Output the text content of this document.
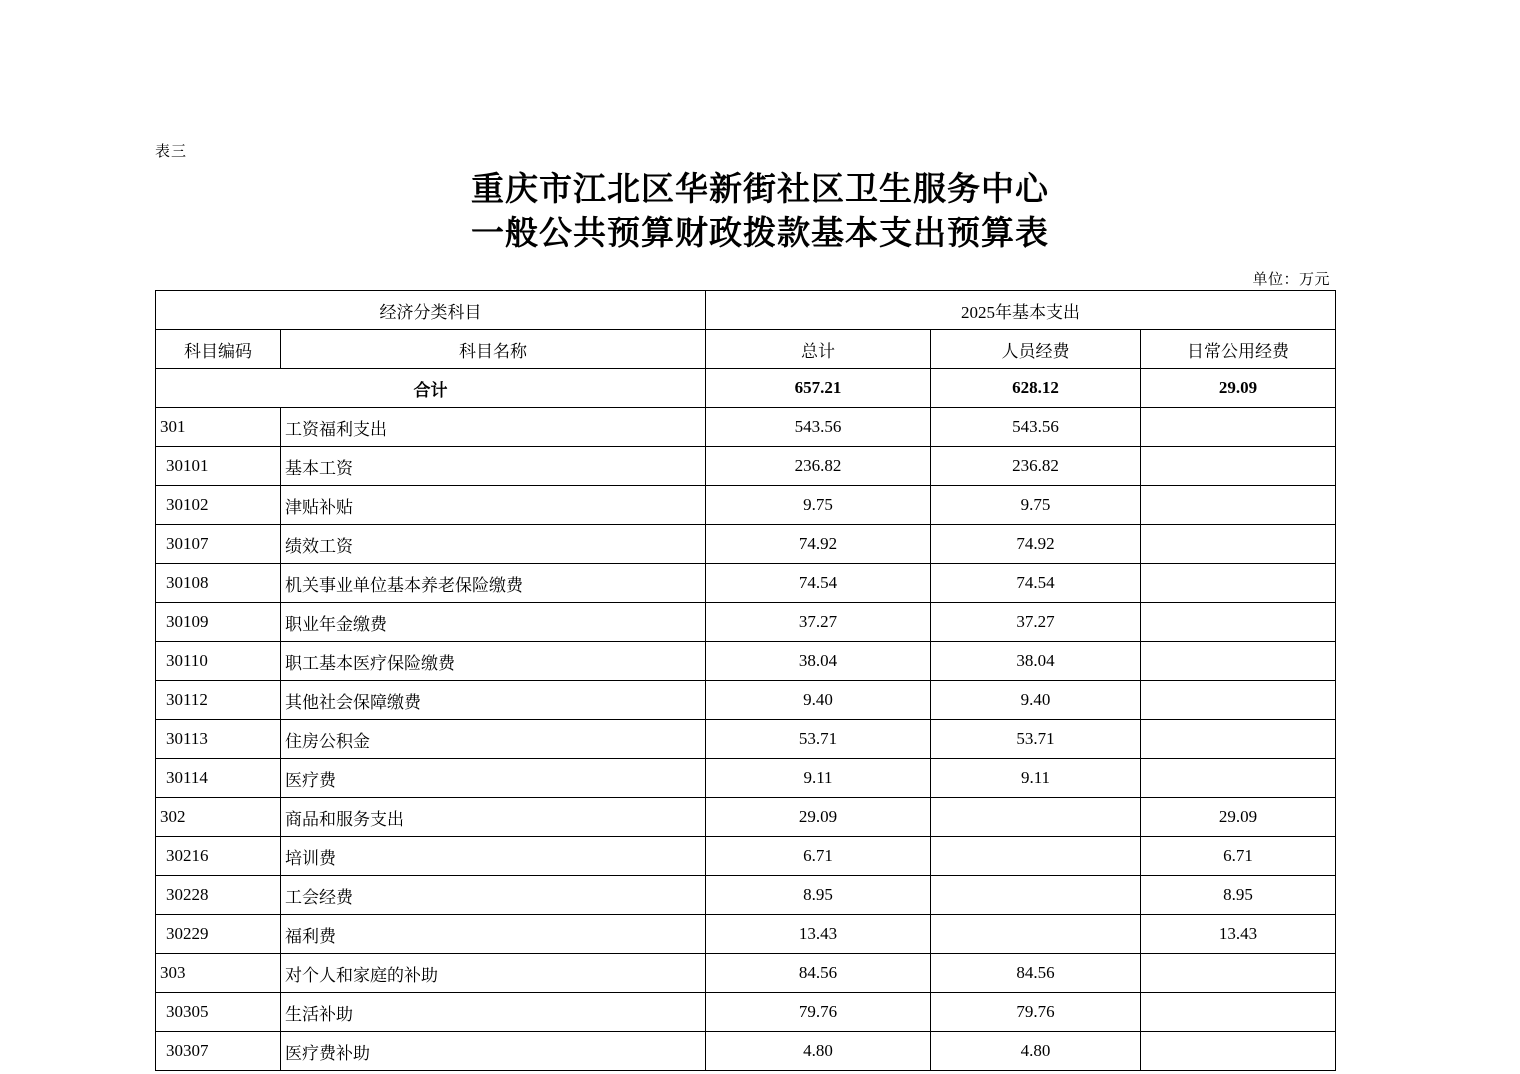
表三
重庆市江北区华新街社区卫生服务中心
一般公共预算财政拨款基本支出预算表
单位：万元
经济分类科目		2025年基本支出		
科目编码	科目名称	总计	人员经费	日常公用经费
合计		657.21	628.12	29.09
301	工资福利支出	543.56	543.56	
30101	基本工资	236.82	236.82	
30102	津贴补贴	9.75	9.75	
30107	绩效工资	74.92	74.92	
30108	机关事业单位基本养老保险缴费	74.54	74.54	
30109	职业年金缴费	37.27	37.27	
30110	职工基本医疗保险缴费	38.04	38.04	
30112	其他社会保障缴费	9.40	9.40	
30113	住房公积金	53.71	53.71	
30114	医疗费	9.11	9.11	
302	商品和服务支出	29.09		29.09
30216	培训费	6.71		6.71
30228	工会经费	8.95		8.95
30229	福利费	13.43		13.43
303	对个人和家庭的补助	84.56	84.56	
30305	生活补助	79.76	79.76	
30307	医疗费补助	4.80	4.80	
